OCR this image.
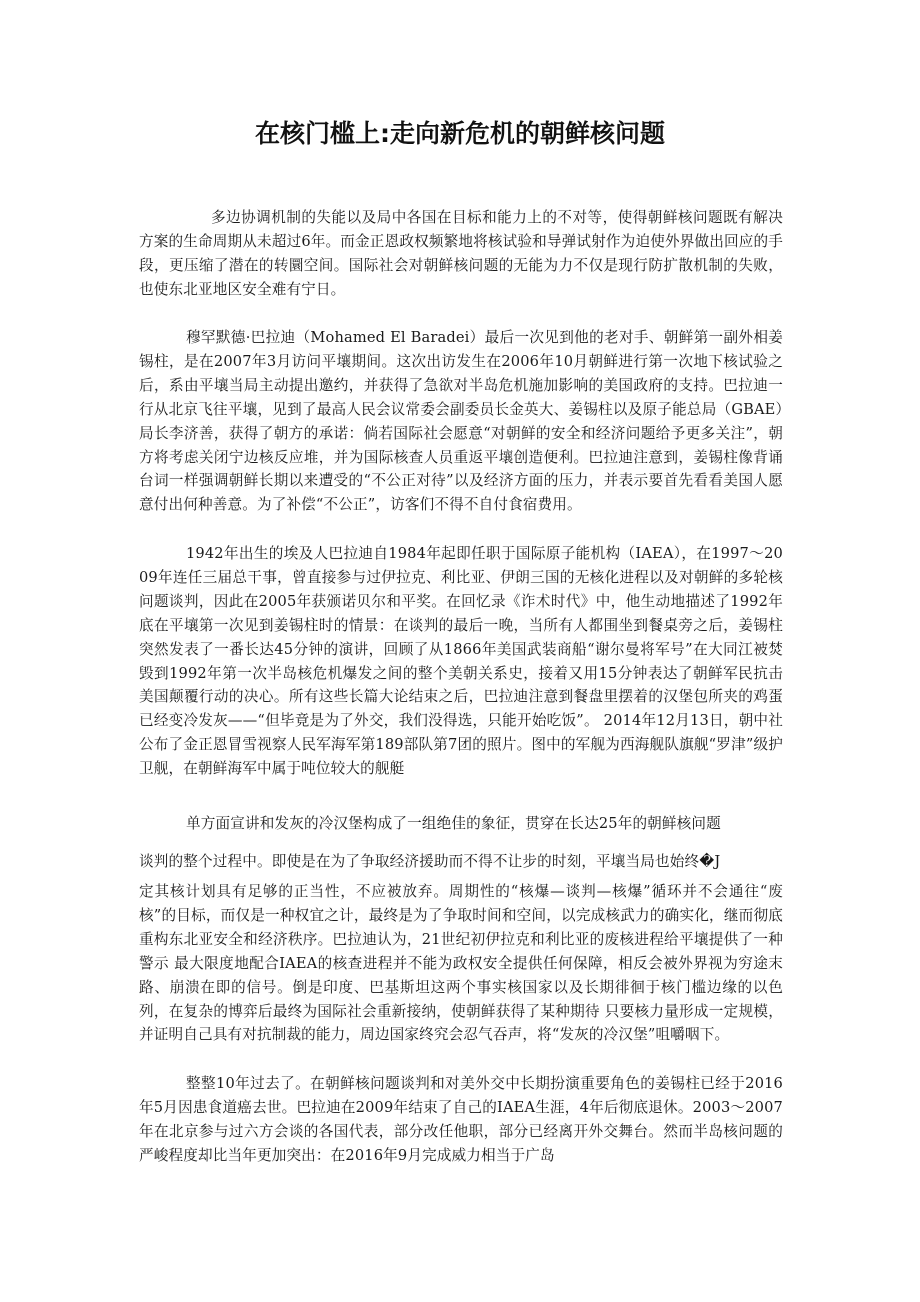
在核门槛上:走向新危机的朝鲜核问题

多边协调机制的失能以及局中各国在目标和能力上的不对等，使得朝鲜核问题既有解决方案的生命周期从未超过6年。而金正恩政权频繁地将核试验和导弹试射作为迫使外界做出回应的手段，更压缩了潜在的转圜空间。国际社会对朝鲜核问题的无能为力不仅是现行防扩散机制的失败，也使东北亚地区安全难有宁日。

穆罕默德·巴拉迪（Mohamed El Baradei）最后一次见到他的老对手、朝鲜第一副外相姜锡柱，是在2007年3月访问平壤期间。这次出访发生在2006年10月朝鲜进行第一次地下核试验之后，系由平壤当局主动提出邀约，并获得了急欲对半岛危机施加影响的美国政府的支持。巴拉迪一行从北京飞往平壤，见到了最高人民会议常委会副委员长金英大、姜锡柱以及原子能总局（GBAE）局长李济善，获得了朝方的承诺：倘若国际社会愿意“对朝鲜的安全和经济问题给予更多关注”，朝方将考虑关闭宁边核反应堆，并为国际核查人员重返平壤创造便利。巴拉迪注意到，姜锡柱像背诵台词一样强调朝鲜长期以来遭受的“不公正对待”以及经济方面的压力，并表示要首先看看美国人愿意付出何种善意。为了补偿“不公正”，访客们不得不自付食宿费用。

1942年出生的埃及人巴拉迪自1984年起即任职于国际原子能机构（IAEA），在1997～2009年连任三届总干事，曾直接参与过伊拉克、利比亚、伊朗三国的无核化进程以及对朝鲜的多轮核问题谈判，因此在2005年获颁诺贝尔和平奖。在回忆录《诈术时代》中，他生动地描述了1992年底在平壤第一次见到姜锡柱时的情景：在谈判的最后一晚，当所有人都围坐到餐桌旁之后，姜锡柱突然发表了一番长达45分钟的演讲，回顾了从1866年美国武装商船“谢尔曼将军号”在大同江被焚毁到1992年第一次半岛核危机爆发之间的整个美朝关系史，接着又用15分钟表达了朝鲜军民抗击美国颠覆行动的决心。所有这些长篇大论结束之后，巴拉迪注意到餐盘里摆着的汉堡包所夹的鸡蛋已经变冷发灰——“但毕竟是为了外交，我们没得选，只能开始吃饭”。 2014年12月13日，朝中社公布了金正恩冒雪视察人民军海军第189部队第7团的照片。图中的军舰为西海舰队旗舰“罗津”级护卫舰，在朝鲜海军中属于吨位较大的舰艇

单方面宣讲和发灰的冷汉堡构成了一组绝佳的象征，贯穿在长达25年的朝鲜核问题

谈判的整个过程中。即使是在为了争取经济援助而不得不让步的时刻，平壤当局也始终�J

定其核计划具有足够的正当性，不应被放弃。周期性的“核爆—谈判—核爆”循环并不会通往“废核”的目标，而仅是一种权宜之计，最终是为了争取时间和空间，以完成核武力的确实化，继而彻底重构东北亚安全和经济秩序。巴拉迪认为，21世纪初伊拉克和利比亚的废核进程给平壤提供了一种警示 最大限度地配合IAEA的核查进程并不能为政权安全提供任何保障，相反会被外界视为穷途末路、崩溃在即的信号。倒是印度、巴基斯坦这两个事实核国家以及长期徘徊于核门槛边缘的以色列，在复杂的博弈后最终为国际社会重新接纳，使朝鲜获得了某种期待 只要核力量形成一定规模，并证明自己具有对抗制裁的能力，周边国家终究会忍气吞声，将“发灰的冷汉堡”咀嚼咽下。

整整10年过去了。在朝鲜核问题谈判和对美外交中长期扮演重要角色的姜锡柱已经于2016年5月因患食道癌去世。巴拉迪在2009年结束了自己的IAEA生涯，4年后彻底退休。2003～2007年在北京参与过六方会谈的各国代表，部分改任他职，部分已经离开外交舞台。然而半岛核问题的严峻程度却比当年更加突出：在2016年9月完成威力相当于广岛
